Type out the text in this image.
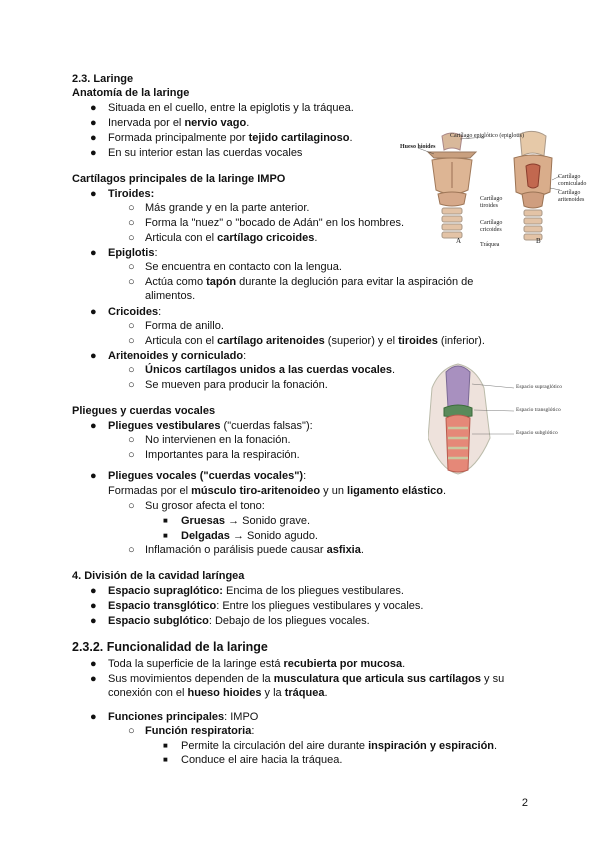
2.3. Laringe
Anatomía de la laringe
● Situada en el cuello, entre la epiglotis y la tráquea.
● Inervada por el nervio vago.
● Formada principalmente por tejido cartilaginoso.
● En su interior estan las cuerdas vocales
Cartílagos principales de la laringe IMPO
● Tiroides:
○ Más grande y en la parte anterior.
○ Forma la "nuez" o "bocado de Adán" en los hombres.
○ Articula con el cartílago cricoides.
● Epiglotis:
○ Se encuentra en contacto con la lengua.
○ Actúa como tapón durante la deglución para evitar la aspiración de
alimentos.
● Cricoides:
○ Forma de anillo.
○ Articula con el cartílago aritenoides (superior) y el tiroides (inferior).
● Aritenoides y corniculado:
○ Únicos cartílagos unidos a las cuerdas vocales.
○ Se mueven para producir la fonación.
Pliegues y cuerdas vocales
● Pliegues vestibulares ("cuerdas falsas"):
○ No intervienen en la fonación.
○ Importantes para la respiración.
● Pliegues vocales ("cuerdas vocales"):
Formadas por el músculo tiro-aritenoideo y un ligamento elástico.
○ Su grosor afecta el tono:
■ Gruesas → Sonido grave.
■ Delgadas → Sonido agudo.
○ Inflamación o parálisis puede causar asfixia.
4. División de la cavidad laríngea
● Espacio supraglótico: Encima de los pliegues vestibulares.
● Espacio transglótico: Entre los pliegues vestibulares y vocales.
● Espacio subglótico: Debajo de los pliegues vocales.
2.3.2. Funcionalidad de la laringe
● Toda la superficie de la laringe está recubierta por mucosa.
● Sus movimientos dependen de la musculatura que articula sus cartílagos y su
conexión con el hueso hioides y la tráquea.
● Funciones principales: IMPO
○ Función respiratoria:
■ Permite la circulación del aire durante inspiración y espiración.
■ Conduce el aire hacia la tráquea.
Cartílago epiglótico (epiglotis)
Hueso hioides
Cartílago corniculado
Cartílago aritenoides
Cartílago tiroides
Cartílago cricoides
Tráquea
A	B
Espacio supraglótico
Espacio transglótico
Espacio subglótico
2
